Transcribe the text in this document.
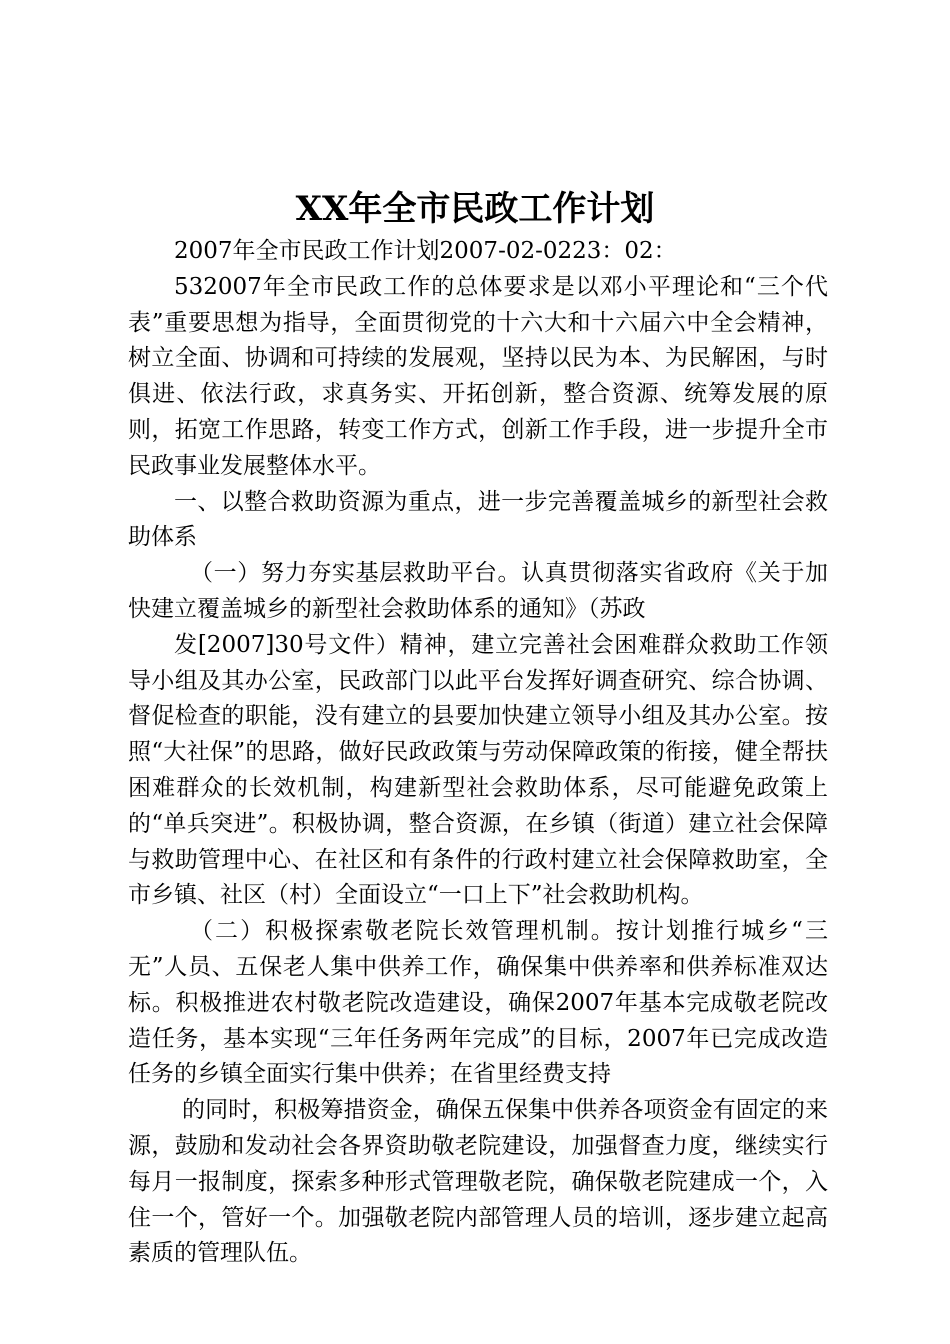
XX年全市民政工作计划

2007年全市民政工作计划2007-02-0223：02：

532007年全市民政工作的总体要求是以邓小平理论和“三个代表”重要思想为指导，全面贯彻党的十六大和十六届六中全会精神，树立全面、协调和可持续的发展观，坚持以民为本、为民解困，与时俱进、依法行政，求真务实、开拓创新，整合资源、统筹发展的原则，拓宽工作思路，转变工作方式，创新工作手段，进一步提升全市民政事业发展整体水平。

一、以整合救助资源为重点，进一步完善覆盖城乡的新型社会救助体系

（一）努力夯实基层救助平台。认真贯彻落实省政府《关于加快建立覆盖城乡的新型社会救助体系的通知》（苏政

发[2007]30号文件）精神，建立完善社会困难群众救助工作领导小组及其办公室，民政部门以此平台发挥好调查研究、综合协调、督促检查的职能，没有建立的县要加快建立领导小组及其办公室。按照“大社保”的思路，做好民政政策与劳动保障政策的衔接，健全帮扶困难群众的长效机制，构建新型社会救助体系，尽可能避免政策上的“单兵突进”。积极协调，整合资源，在乡镇（街道）建立社会保障与救助管理中心、在社区和有条件的行政村建立社会保障救助室，全市乡镇、社区（村）全面设立“一口上下”社会救助机构。

（二）积极探索敬老院长效管理机制。按计划推行城乡“三无”人员、五保老人集中供养工作，确保集中供养率和供养标准双达标。积极推进农村敬老院改造建设，确保2007年基本完成敬老院改造任务，基本实现“三年任务两年完成”的目标，2007年已完成改造任务的乡镇全面实行集中供养；在省里经费支持

的同时，积极筹措资金，确保五保集中供养各项资金有固定的来源，鼓励和发动社会各界资助敬老院建设，加强督查力度，继续实行每月一报制度，探索多种形式管理敬老院，确保敬老院建成一个，入住一个，管好一个。加强敬老院内部管理人员的培训，逐步建立起高素质的管理队伍。
